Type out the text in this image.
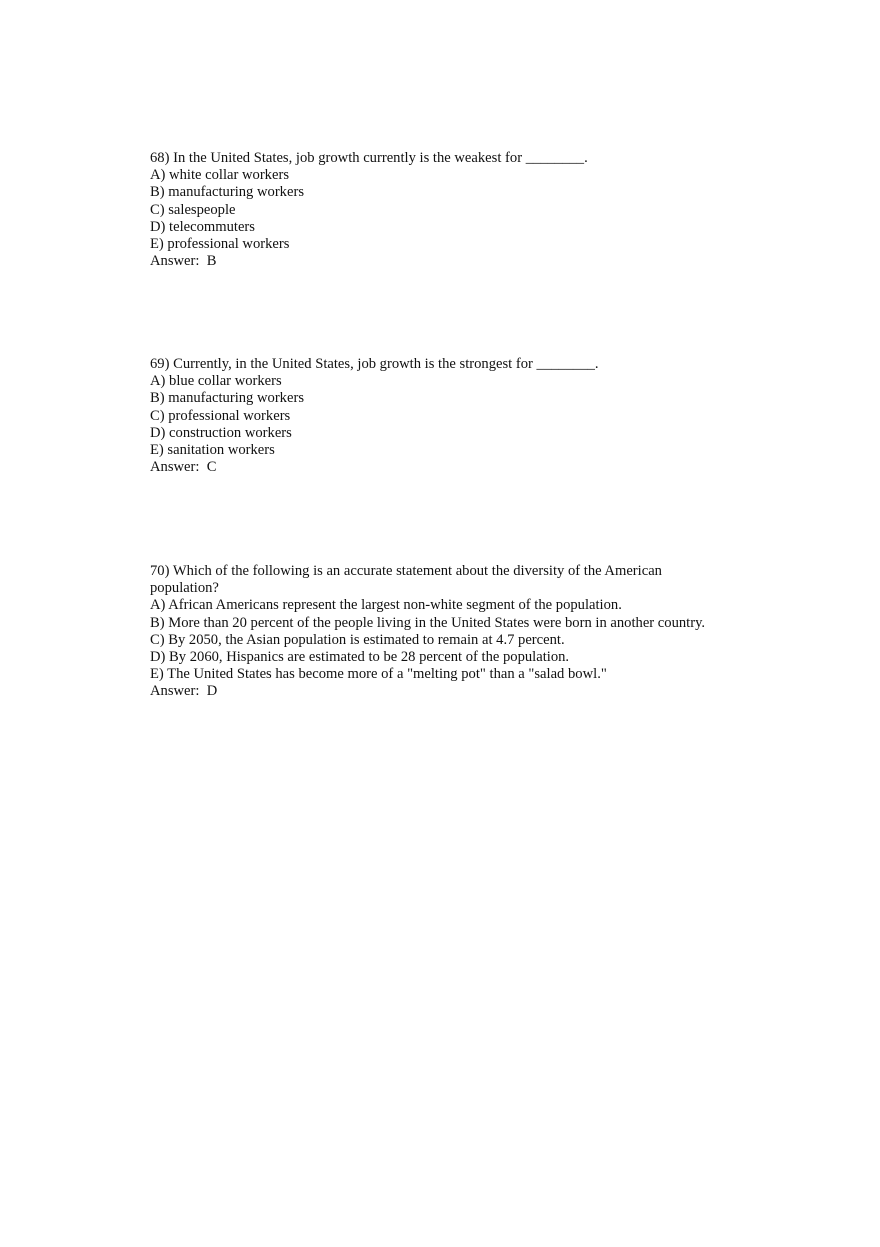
68) In the United States, job growth currently is the weakest for ________.
A) white collar workers
B) manufacturing workers
C) salespeople
D) telecommuters
E) professional workers
Answer:  B
69) Currently, in the United States, job growth is the strongest for ________.
A) blue collar workers
B) manufacturing workers
C) professional workers
D) construction workers
E) sanitation workers
Answer:  C
70) Which of the following is an accurate statement about the diversity of the American population?
A) African Americans represent the largest non-white segment of the population.
B) More than 20 percent of the people living in the United States were born in another country.
C) By 2050, the Asian population is estimated to remain at 4.7 percent.
D) By 2060, Hispanics are estimated to be 28 percent of the population.
E) The United States has become more of a "melting pot" than a "salad bowl."
Answer:  D
